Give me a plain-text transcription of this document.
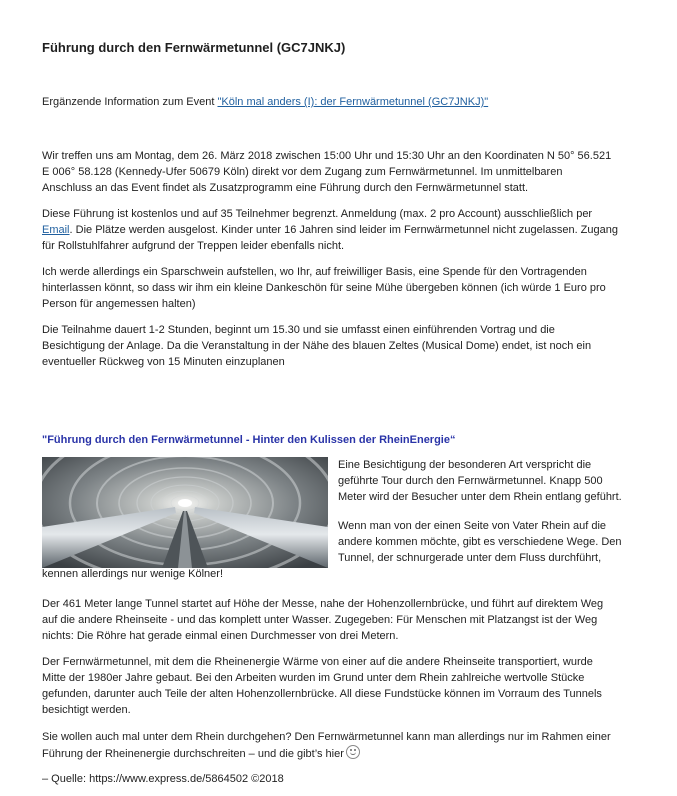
Führung durch den Fernwärmetunnel (GC7JNKJ)

Ergänzende Information zum Event "Köln mal anders (I): der Fernwärmetunnel (GC7JNKJ)"

Wir treffen uns am Montag, dem 26. März 2018 zwischen 15:00 Uhr und 15:30 Uhr an den Koordinaten N 50° 56.521
E 006° 58.128 (Kennedy-Ufer 50679 Köln) direkt vor dem Zugang zum Fernwärmetunnel. Im unmittelbaren
Anschluss an das Event findet als Zusatzprogramm eine Führung durch den Fernwärmetunnel statt.
Diese Führung ist kostenlos und auf 35 Teilnehmer begrenzt. Anmeldung (max. 2 pro Account) ausschließlich per
Email. Die Plätze werden ausgelost. Kinder unter 16 Jahren sind leider im Fernwärmetunnel nicht zugelassen. Zugang
für Rollstuhlfahrer aufgrund der Treppen leider ebenfalls nicht.
Ich werde allerdings ein Sparschwein aufstellen, wo Ihr, auf freiwilliger Basis, eine Spende für den Vortragenden
hinterlassen könnt, so dass wir ihm ein kleine Dankeschön für seine Mühe übergeben können (ich würde 1 Euro pro
Person für angemessen halten)
Die Teilnahme dauert 1-2 Stunden, beginnt um 15.30 und sie umfasst einen einführenden Vortrag und die
Besichtigung der Anlage. Da die Veranstaltung in der Nähe des blauen Zeltes (Musical Dome) endet, ist noch ein
eventueller Rückweg von 15 Minuten einzuplanen

"Führung durch den Fernwärmetunnel - Hinter den Kulissen der RheinEnergie“

Eine Besichtigung der besonderen Art verspricht die
geführte Tour durch den Fernwärmetunnel. Knapp 500
Meter wird der Besucher unter dem Rhein entlang geführt.
Wenn man von der einen Seite von Vater Rhein auf die
andere kommen möchte, gibt es verschiedene Wege. Den
Tunnel, der schnurgerade unter dem Fluss durchführt,
kennen allerdings nur wenige Kölner!
Der 461 Meter lange Tunnel startet auf Höhe der Messe, nahe der Hohenzollernbrücke, und führt auf direktem Weg
auf die andere Rheinseite - und das komplett unter Wasser. Zugegeben: Für Menschen mit Platzangst ist der Weg
nichts: Die Röhre hat gerade einmal einen Durchmesser von drei Metern.
Der Fernwärmetunnel, mit dem die Rheinenergie Wärme von einer auf die andere Rheinseite transportiert, wurde
Mitte der 1980er Jahre gebaut. Bei den Arbeiten wurden im Grund unter dem Rhein zahlreiche wertvolle Stücke
gefunden, darunter auch Teile der alten Hohenzollernbrücke. All diese Fundstücke können im Vorraum des Tunnels
besichtigt werden.
Sie wollen auch mal unter dem Rhein durchgehen? Den Fernwärmetunnel kann man allerdings nur im Rahmen einer
Führung der Rheinenergie durchschreiten – und die gibt’s hier
– Quelle: https://www.express.de/5864502 ©2018
